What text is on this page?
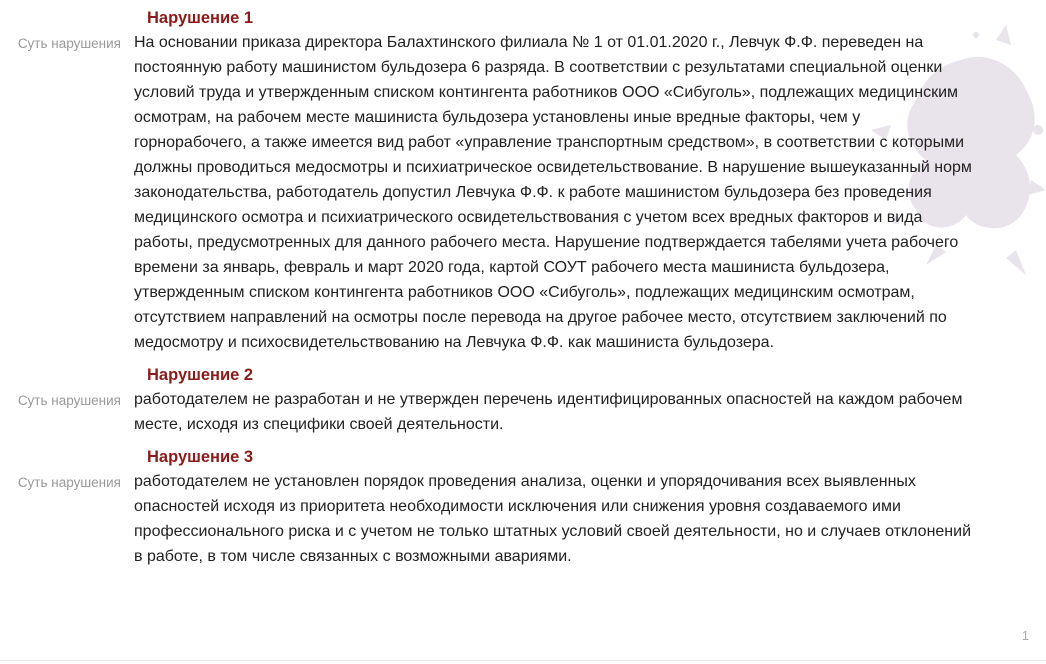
Нарушение 1
Суть нарушения На основании приказа директора Балахтинского филиала № 1 от 01.01.2020 г., Левчук Ф.Ф. переведен на постоянную работу машинистом бульдозера 6 разряда. В соответствии с результатами специальной оценки условий труда и утвержденным списком контингента работников ООО «Сибуголь», подлежащих медицинским осмотрам, на рабочем месте машиниста бульдозера установлены иные вредные факторы, чем у горнорабочего, а также имеется вид работ «управление транспортным средством», в соответствии с которыми должны проводиться медосмотры и психиатрическое освидетельствование. В нарушение вышеуказанный норм законодательства, работодатель допустил Левчука Ф.Ф. к работе машинистом бульдозера без проведения медицинского осмотра и психиатрического освидетельствования с учетом всех вредных факторов и вида работы, предусмотренных для данного рабочего места. Нарушение подтверждается табелями учета рабочего времени за январь, февраль и март 2020 года, картой СОУТ рабочего места машиниста бульдозера, утвержденным списком контингента работников ООО «Сибуголь», подлежащих медицинским осмотрам, отсутствием направлений на осмотры после перевода на другое рабочее место, отсутствием заключений по медосмотру и психосвидетельствованию на Левчука Ф.Ф. как машиниста бульдозера.
Нарушение 2
Суть нарушения работодателем не разработан и не утвержден перечень идентифицированных опасностей на каждом рабочем месте, исходя из специфики своей деятельности.
Нарушение 3
Суть нарушения работодателем не установлен порядок проведения анализа, оценки и упорядочивания всех выявленных опасностей исходя из приоритета необходимости исключения или снижения уровня создаваемого ими профессионального риска и с учетом не только штатных условий своей деятельности, но и случаев отклонений в работе, в том числе связанных с возможными авариями.
1
